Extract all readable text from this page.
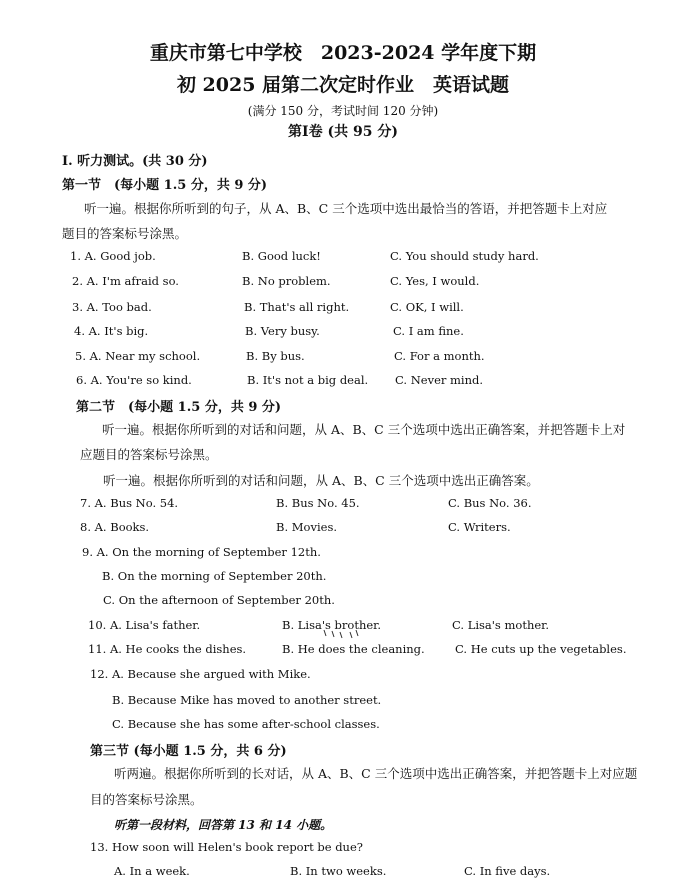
重庆市第七中学校　2023-2024 学年度下期
初 2025 届第二次定时作业　英语试题
(满分 150 分，考试时间 120 分钟)
第Ⅰ卷 (共 95 分)
I. 听力测试。(共 30 分)
第一节　(每小题 1.5 分，共 9 分)
听一遍。根据你所听到的句子，从 A、B、C 三个选项中选出最恰当的答语，并把答题卡上对应
题目的答案标号涂黑。
1. A. Good job.	B. Good luck!	C. You should study hard.
2. A. I'm afraid so.	B. No problem.	C. Yes, I would.
3. A. Too bad.	B. That's all right.	C. OK, I will.
4. A. It's big.	B. Very busy.	C. I am fine.
5. A. Near my school.	B. By bus.	C. For a month.
6. A. You're so kind.	B. It's not a big deal. C. Never mind.
第二节　(每小题 1.5 分，共 9 分)
听一遍。根据你所听到的对话和问题，从 A、B、C 三个选项中选出正确答案，并把答题卡上对
应题目的答案标号涂黑。
听一遍。根据你所听到的对话和问题，从 A、B、C 三个选项中选出正确答案。
7. A. Bus No. 54.	B. Bus No. 45.	C. Bus No. 36.
8. A. Books.	B. Movies.	C. Writers.
9. A. On the morning of September 12th.
B. On the morning of September 20th.
C. On the afternoon of September 20th.
10. A. Lisa's father.	B. Lisa's brother.	C. Lisa's mother.
11. A. He cooks the dishes.	B. He does the cleaning.	C. He cuts up the vegetables.
12. A. Because she argued with Mike.
B. Because Mike has moved to another street.
C. Because she has some after-school classes.
第三节 (每小题 1.5 分，共 6 分)
听两遍。根据你所听到的长对话，从 A、B、C 三个选项中选出正确答案，并把答题卡上对应题
目的答案标号涂黑。
听第一段材料，回答第 13 和 14 小题。
13. How soon will Helen's book report be due?
A. In a week.	B. In two weeks.	C. In five days.
